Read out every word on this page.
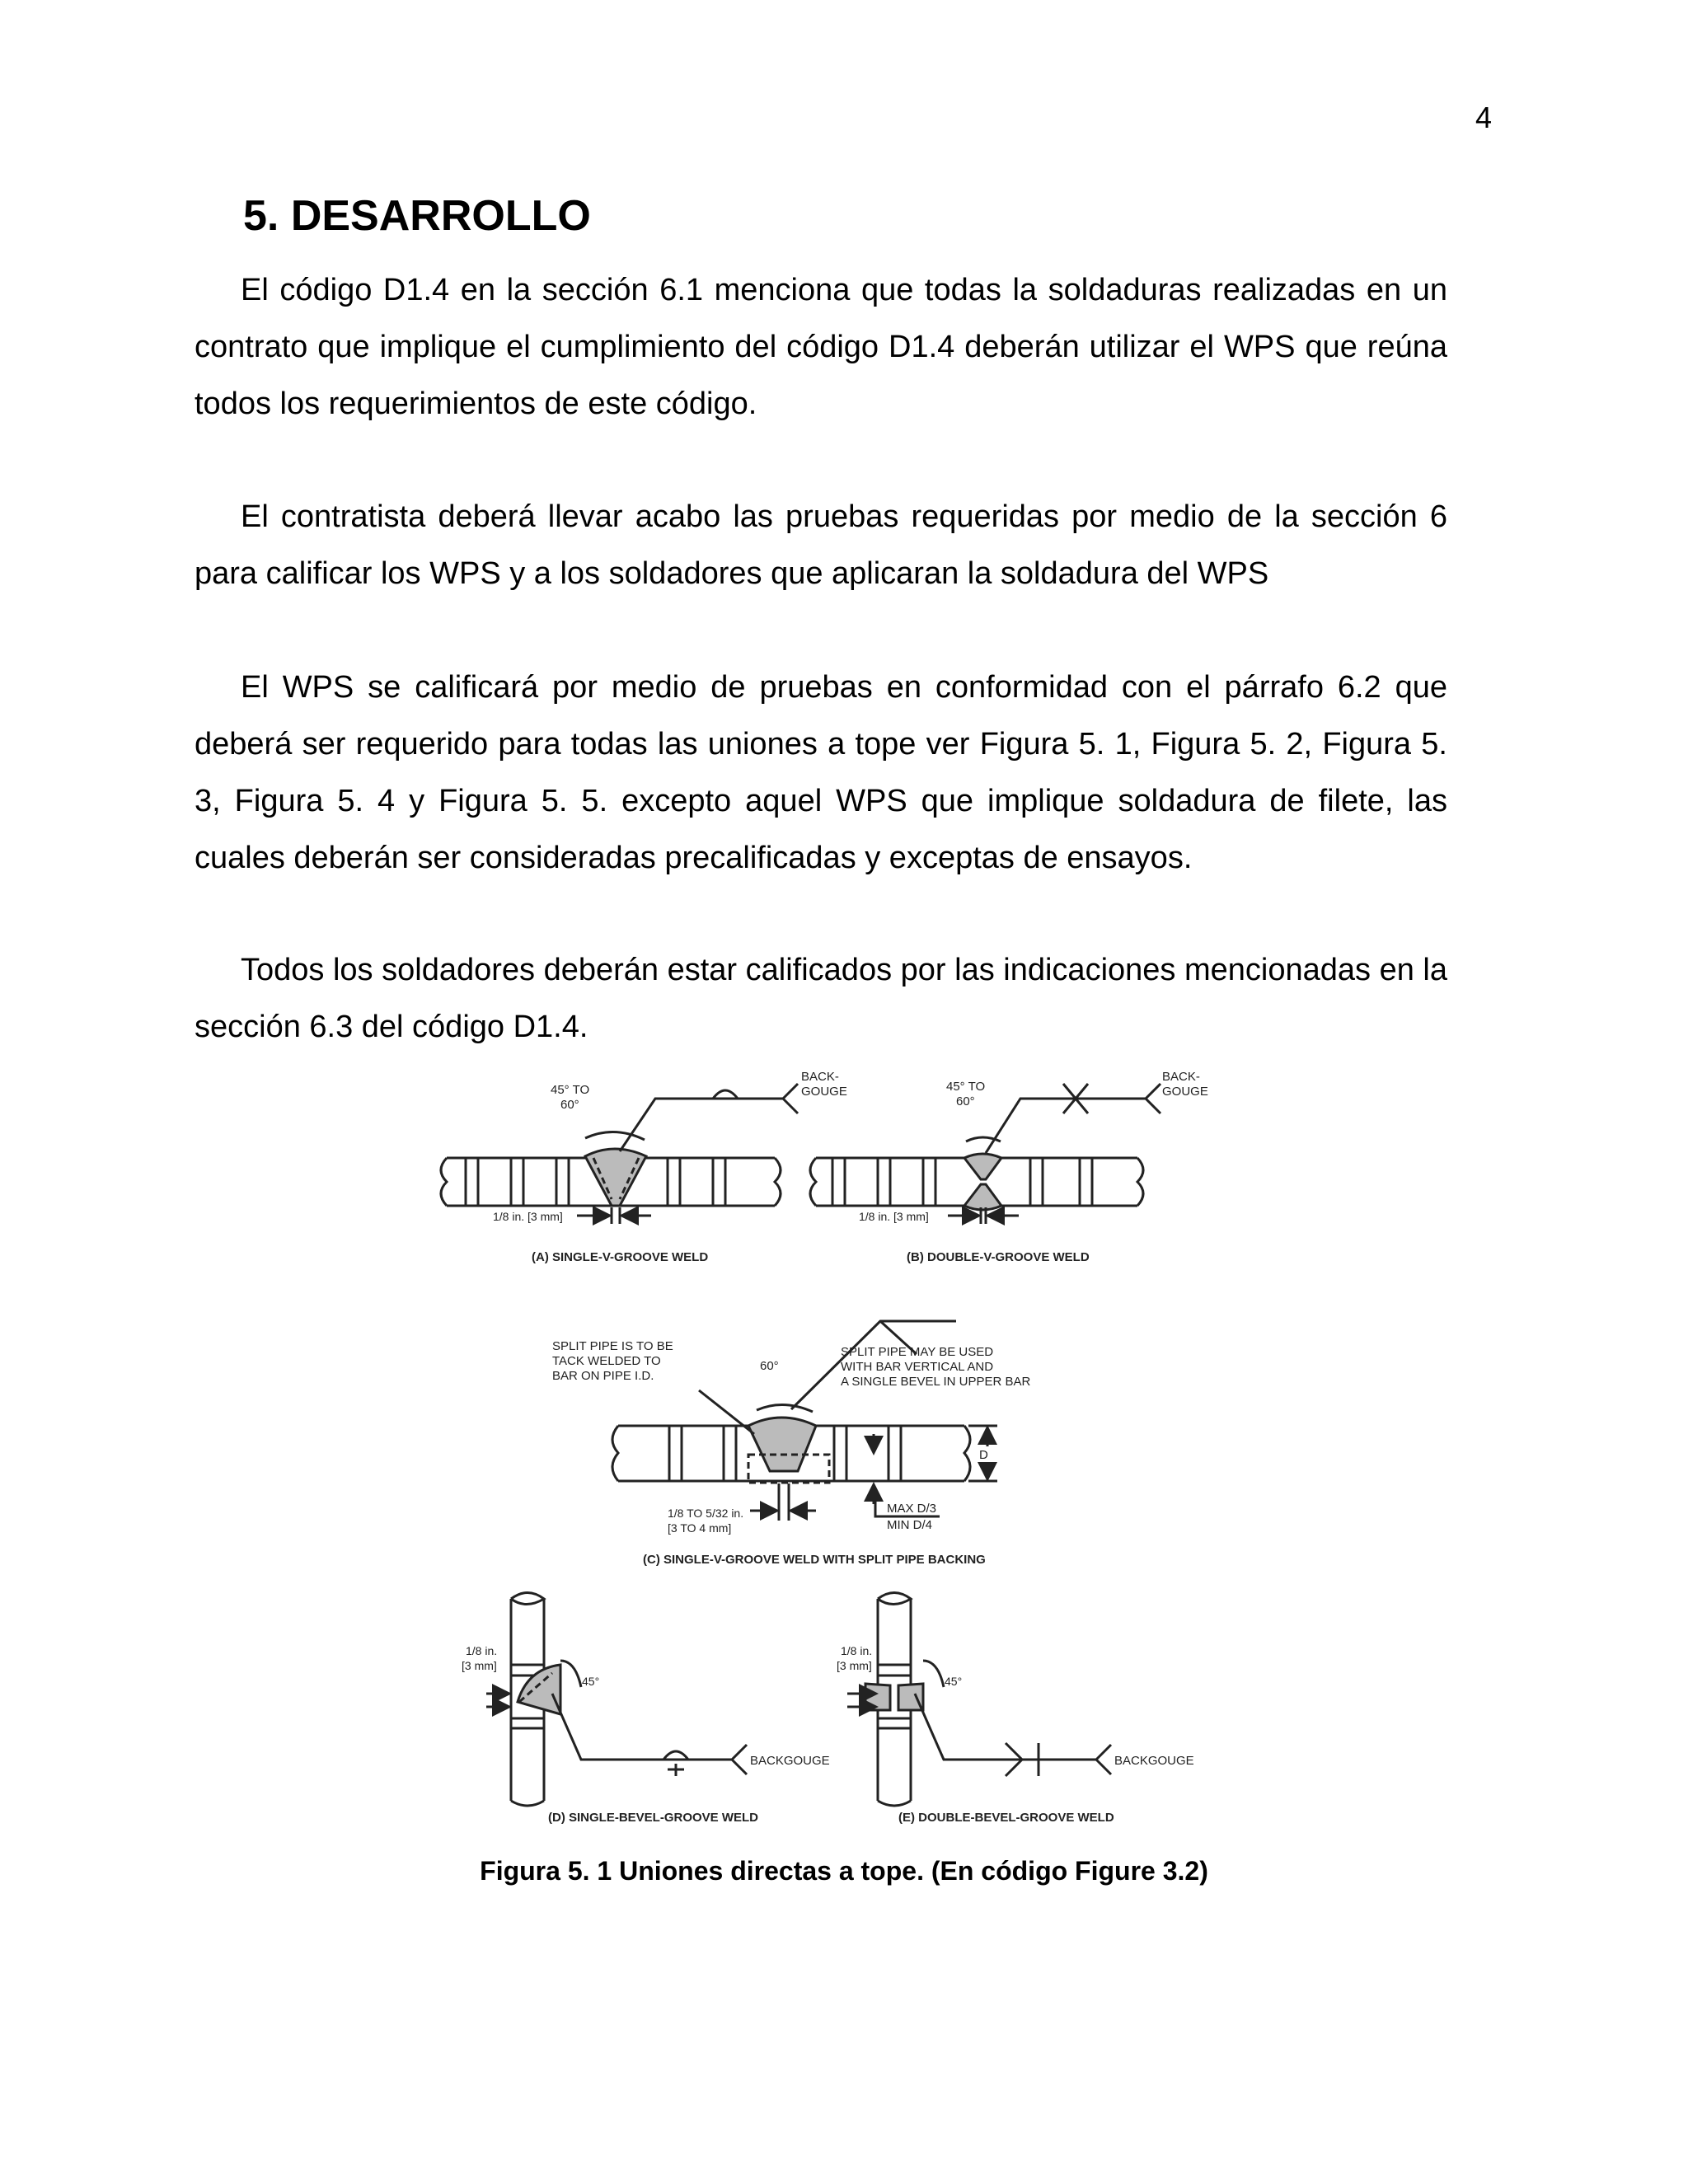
4
5. DESARROLLO

El código D1.4 en la sección 6.1 menciona que todas la soldaduras realizadas en un contrato que implique el cumplimiento del código D1.4 deberán utilizar el WPS que reúna todos los requerimientos de este código.

El contratista deberá llevar acabo las pruebas requeridas por medio de la sección 6 para calificar los WPS y a los soldadores que aplicaran la soldadura del WPS

El WPS se calificará por medio de pruebas en conformidad con el párrafo 6.2 que deberá ser requerido para todas las uniones a tope ver Figura 5. 1, Figura 5. 2, Figura 5. 3, Figura 5. 4 y Figura 5. 5. excepto aquel WPS que implique soldadura de filete, las cuales deberán ser consideradas precalificadas y exceptas de ensayos.

Todos los soldadores deberán estar calificados por las indicaciones mencionadas en la sección 6.3 del código D1.4.

45° TO
60°
BACK-
GOUGE
1/8 in. [3 mm]
(A) SINGLE-V-GROOVE WELD
45° TO
60°
BACK-
GOUGE
1/8 in. [3 mm]
(B) DOUBLE-V-GROOVE WELD
SPLIT PIPE IS TO BE
TACK WELDED TO
BAR ON PIPE I.D.
60°
SPLIT PIPE MAY BE USED
WITH BAR VERTICAL AND
A SINGLE BEVEL IN UPPER BAR
D
MAX D/3
MIN D/4
1/8 TO 5/32 in.
[3 TO 4 mm]
(C) SINGLE-V-GROOVE WELD WITH SPLIT PIPE BACKING
1/8 in.
[3 mm]
45°
BACKGOUGE
(D) SINGLE-BEVEL-GROOVE WELD
1/8 in.
[3 mm]
45°
BACKGOUGE
(E) DOUBLE-BEVEL-GROOVE WELD
Figura 5. 1 Uniones directas a tope. (En código Figure 3.2)
